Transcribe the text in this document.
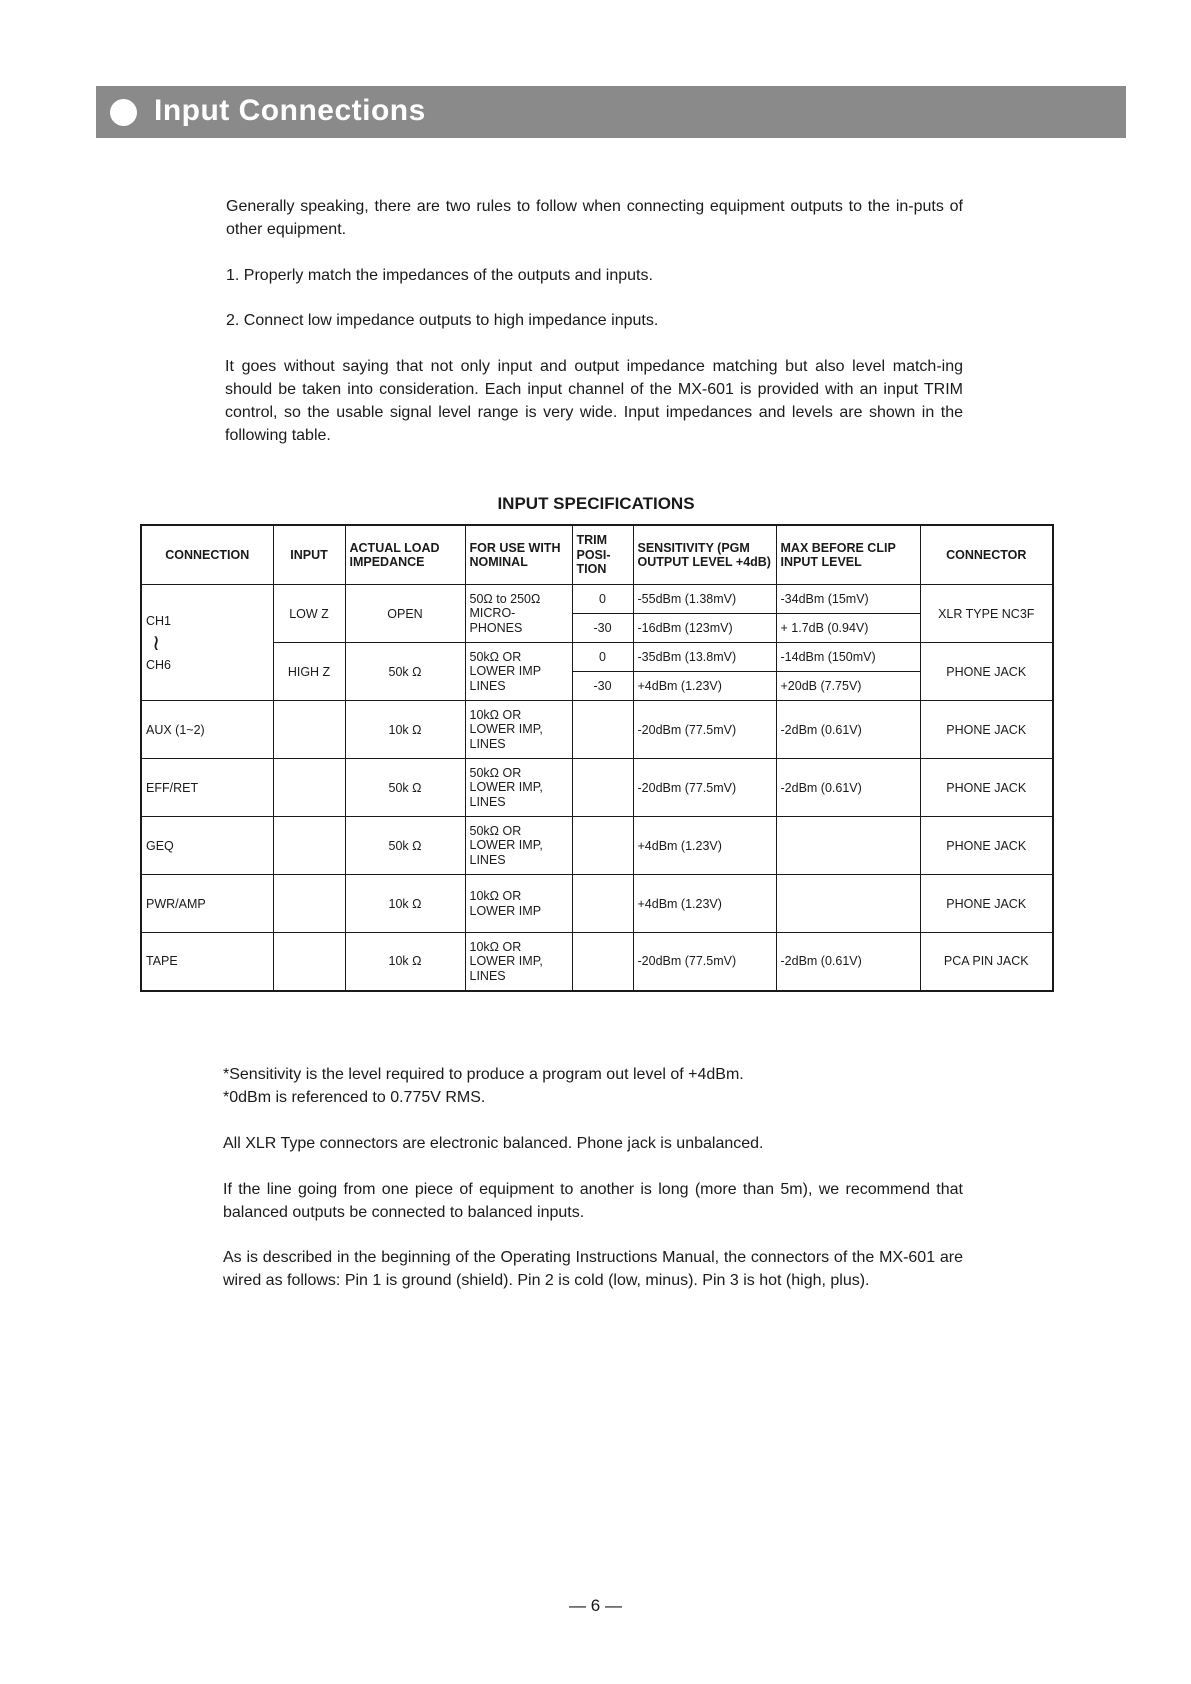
Input Connections
Generally speaking, there are two rules to follow when connecting equipment outputs to the in-puts of other equipment.
1. Properly match the impedances of the outputs and inputs.
2. Connect low impedance outputs to high impedance inputs.
It goes without saying that not only input and output impedance matching but also level match-ing should be taken into consideration. Each input channel of the MX-601 is provided with an input TRIM control, so the usable signal level range is very wide. Input impedances and levels are shown in the following table.
INPUT SPECIFICATIONS
CONNECTION	INPUT	ACTUAL LOAD IMPEDANCE	FOR USE WITH NOMINAL	TRIM POSI- TION	SENSITIVITY (PGM OUTPUT LEVEL +4dB)	MAX BEFORE CLIP INPUT LEVEL	CONNECTOR

CH1
≀
CH6	LOW Z	OPEN	50Ω to 250Ω MICRO-PHONES	0	-55dBm (1.38mV)	-34dBm (15mV)	XLR TYPE NC3F
				-30	-16dBm (123mV)	+ 1.7dB (0.94V)	
	HIGH Z	50k Ω	50kΩ OR LOWER IMP LINES	0	-35dBm (13.8mV)	-14dBm (150mV)	PHONE JACK
				-30	+4dBm (1.23V)	+20dB (7.75V)	
AUX (1~2)		10k Ω	10kΩ OR LOWER IMP, LINES		-20dBm (77.5mV)	-2dBm (0.61V)	PHONE JACK
EFF/RET		50k Ω	50kΩ OR LOWER IMP, LINES		-20dBm (77.5mV)	-2dBm (0.61V)	PHONE JACK
GEQ		50k Ω	50kΩ OR LOWER IMP, LINES		+4dBm (1.23V)		PHONE JACK
PWR/AMP		10k Ω	10kΩ OR LOWER IMP		+4dBm (1.23V)		PHONE JACK
TAPE		10k Ω	10kΩ OR LOWER IMP, LINES		-20dBm (77.5mV)	-2dBm (0.61V)	PCA PIN JACK
*Sensitivity is the level required to produce a program out level of +4dBm.
*0dBm is referenced to 0.775V RMS.
All XLR Type connectors are electronic balanced. Phone jack is unbalanced.
If the line going from one piece of equipment to another is long (more than 5m), we recommend that balanced outputs be connected to balanced inputs.
As is described in the beginning of the Operating Instructions Manual, the connectors of the MX-601 are wired as follows: Pin 1 is ground (shield). Pin 2 is cold (low, minus). Pin 3 is hot (high, plus).
— 6 —
